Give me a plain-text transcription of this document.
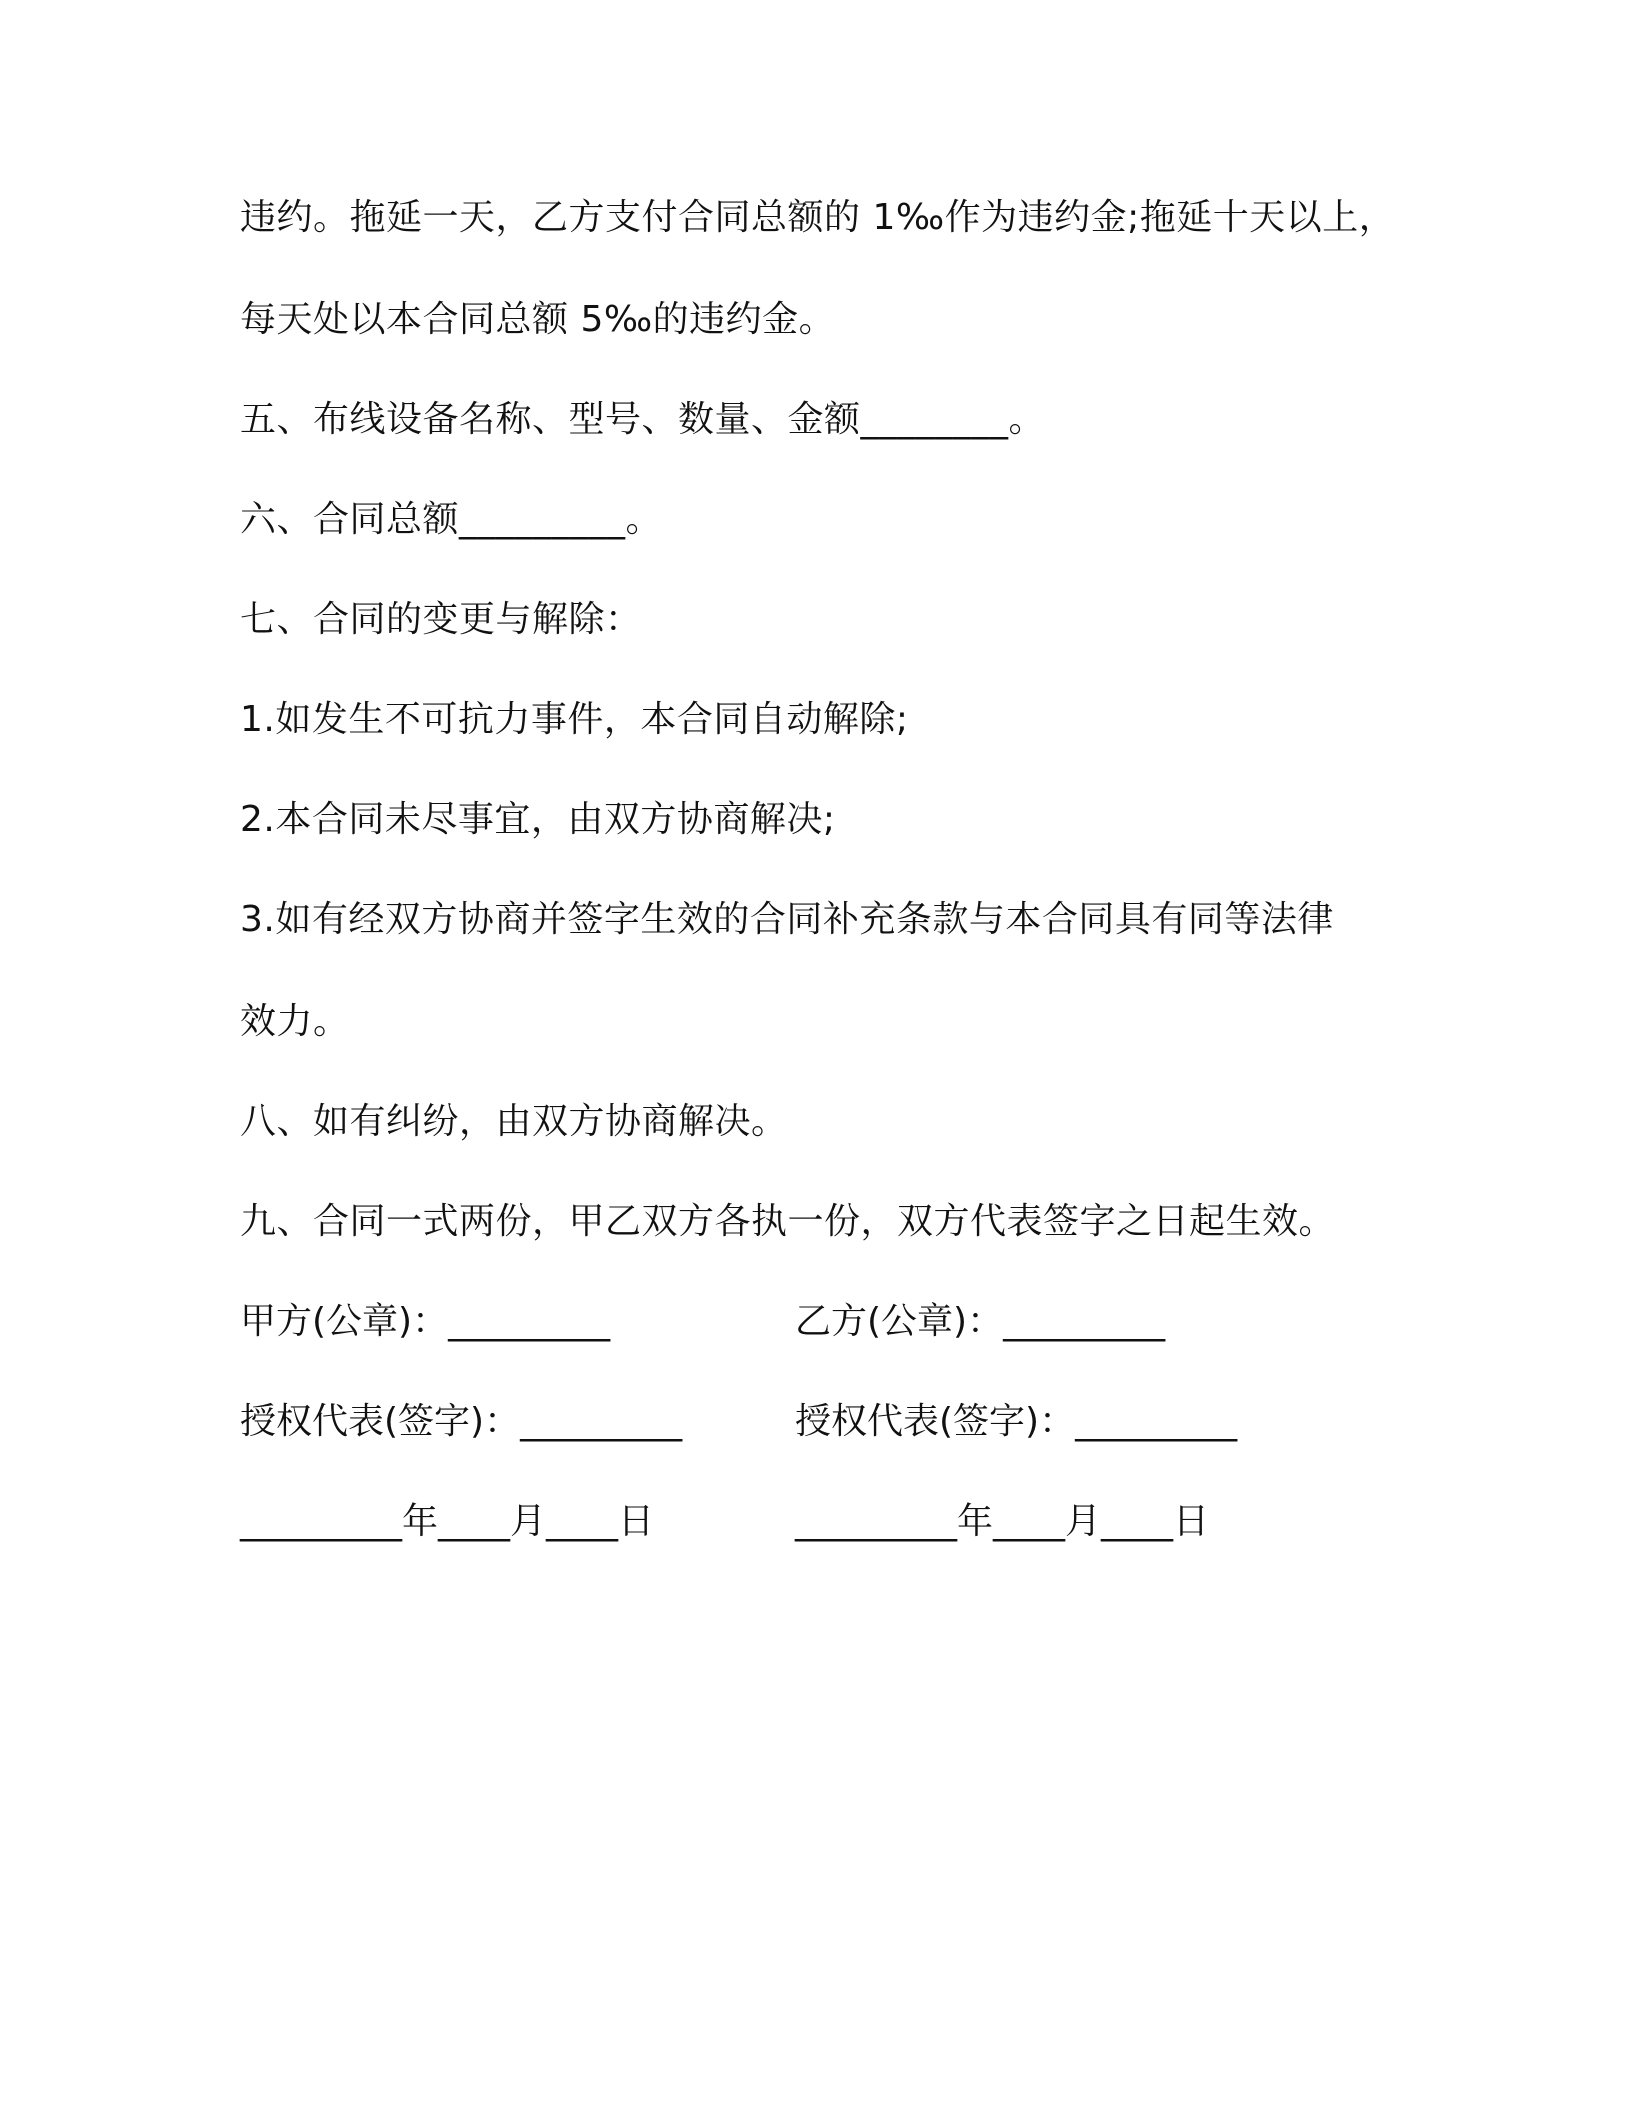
违约。拖延一天，乙方支付合同总额的 1‰作为违约金;拖延十天以上，
每天处以本合同总额 5‰的违约金。
五、布线设备名称、型号、数量、金额________。
六、合同总额_________。
七、合同的变更与解除：
1.如发生不可抗力事件，本合同自动解除;
2.本合同未尽事宜，由双方协商解决;
3.如有经双方协商并签字生效的合同补充条款与本合同具有同等法律
效力。
八、如有纠纷，由双方协商解决。
九、合同一式两份，甲乙双方各执一份，双方代表签字之日起生效。
甲方(公章)：_________	乙方(公章)：_________
授权代表(签字)：_________	授权代表(签字)：_________
_________年____月____日	_________年____月____日
